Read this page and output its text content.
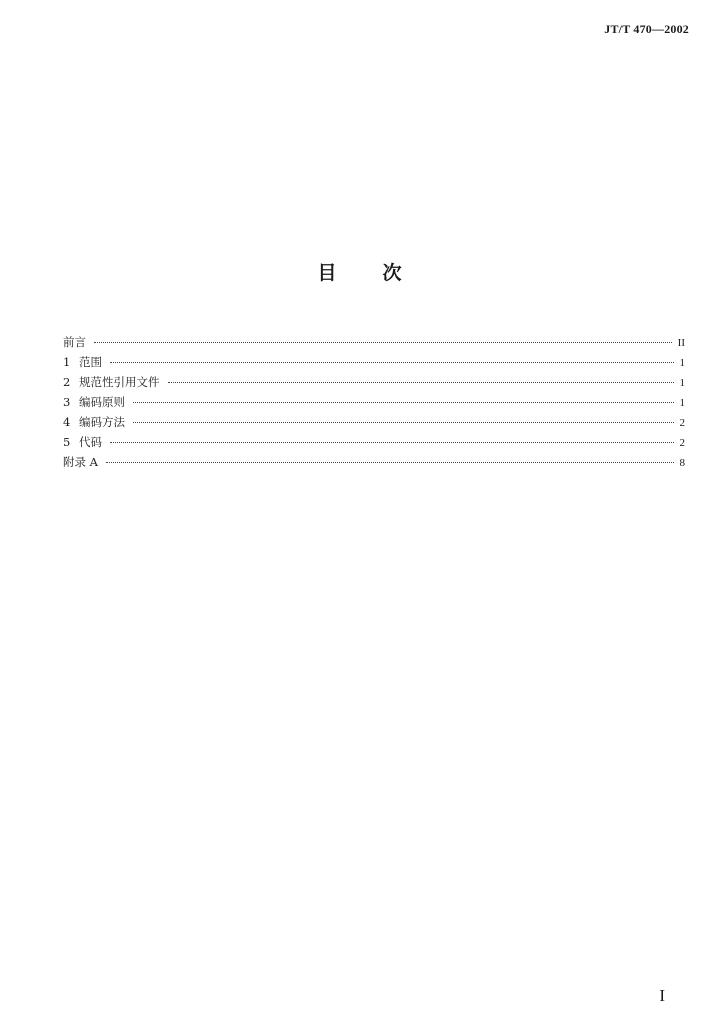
JT/T 470—2002
目 次
前言	II
1 范围	1
2 规范性引用文件	1
3 编码原则	1
4 编码方法	2
5 代码	2
附录 A	8
I
